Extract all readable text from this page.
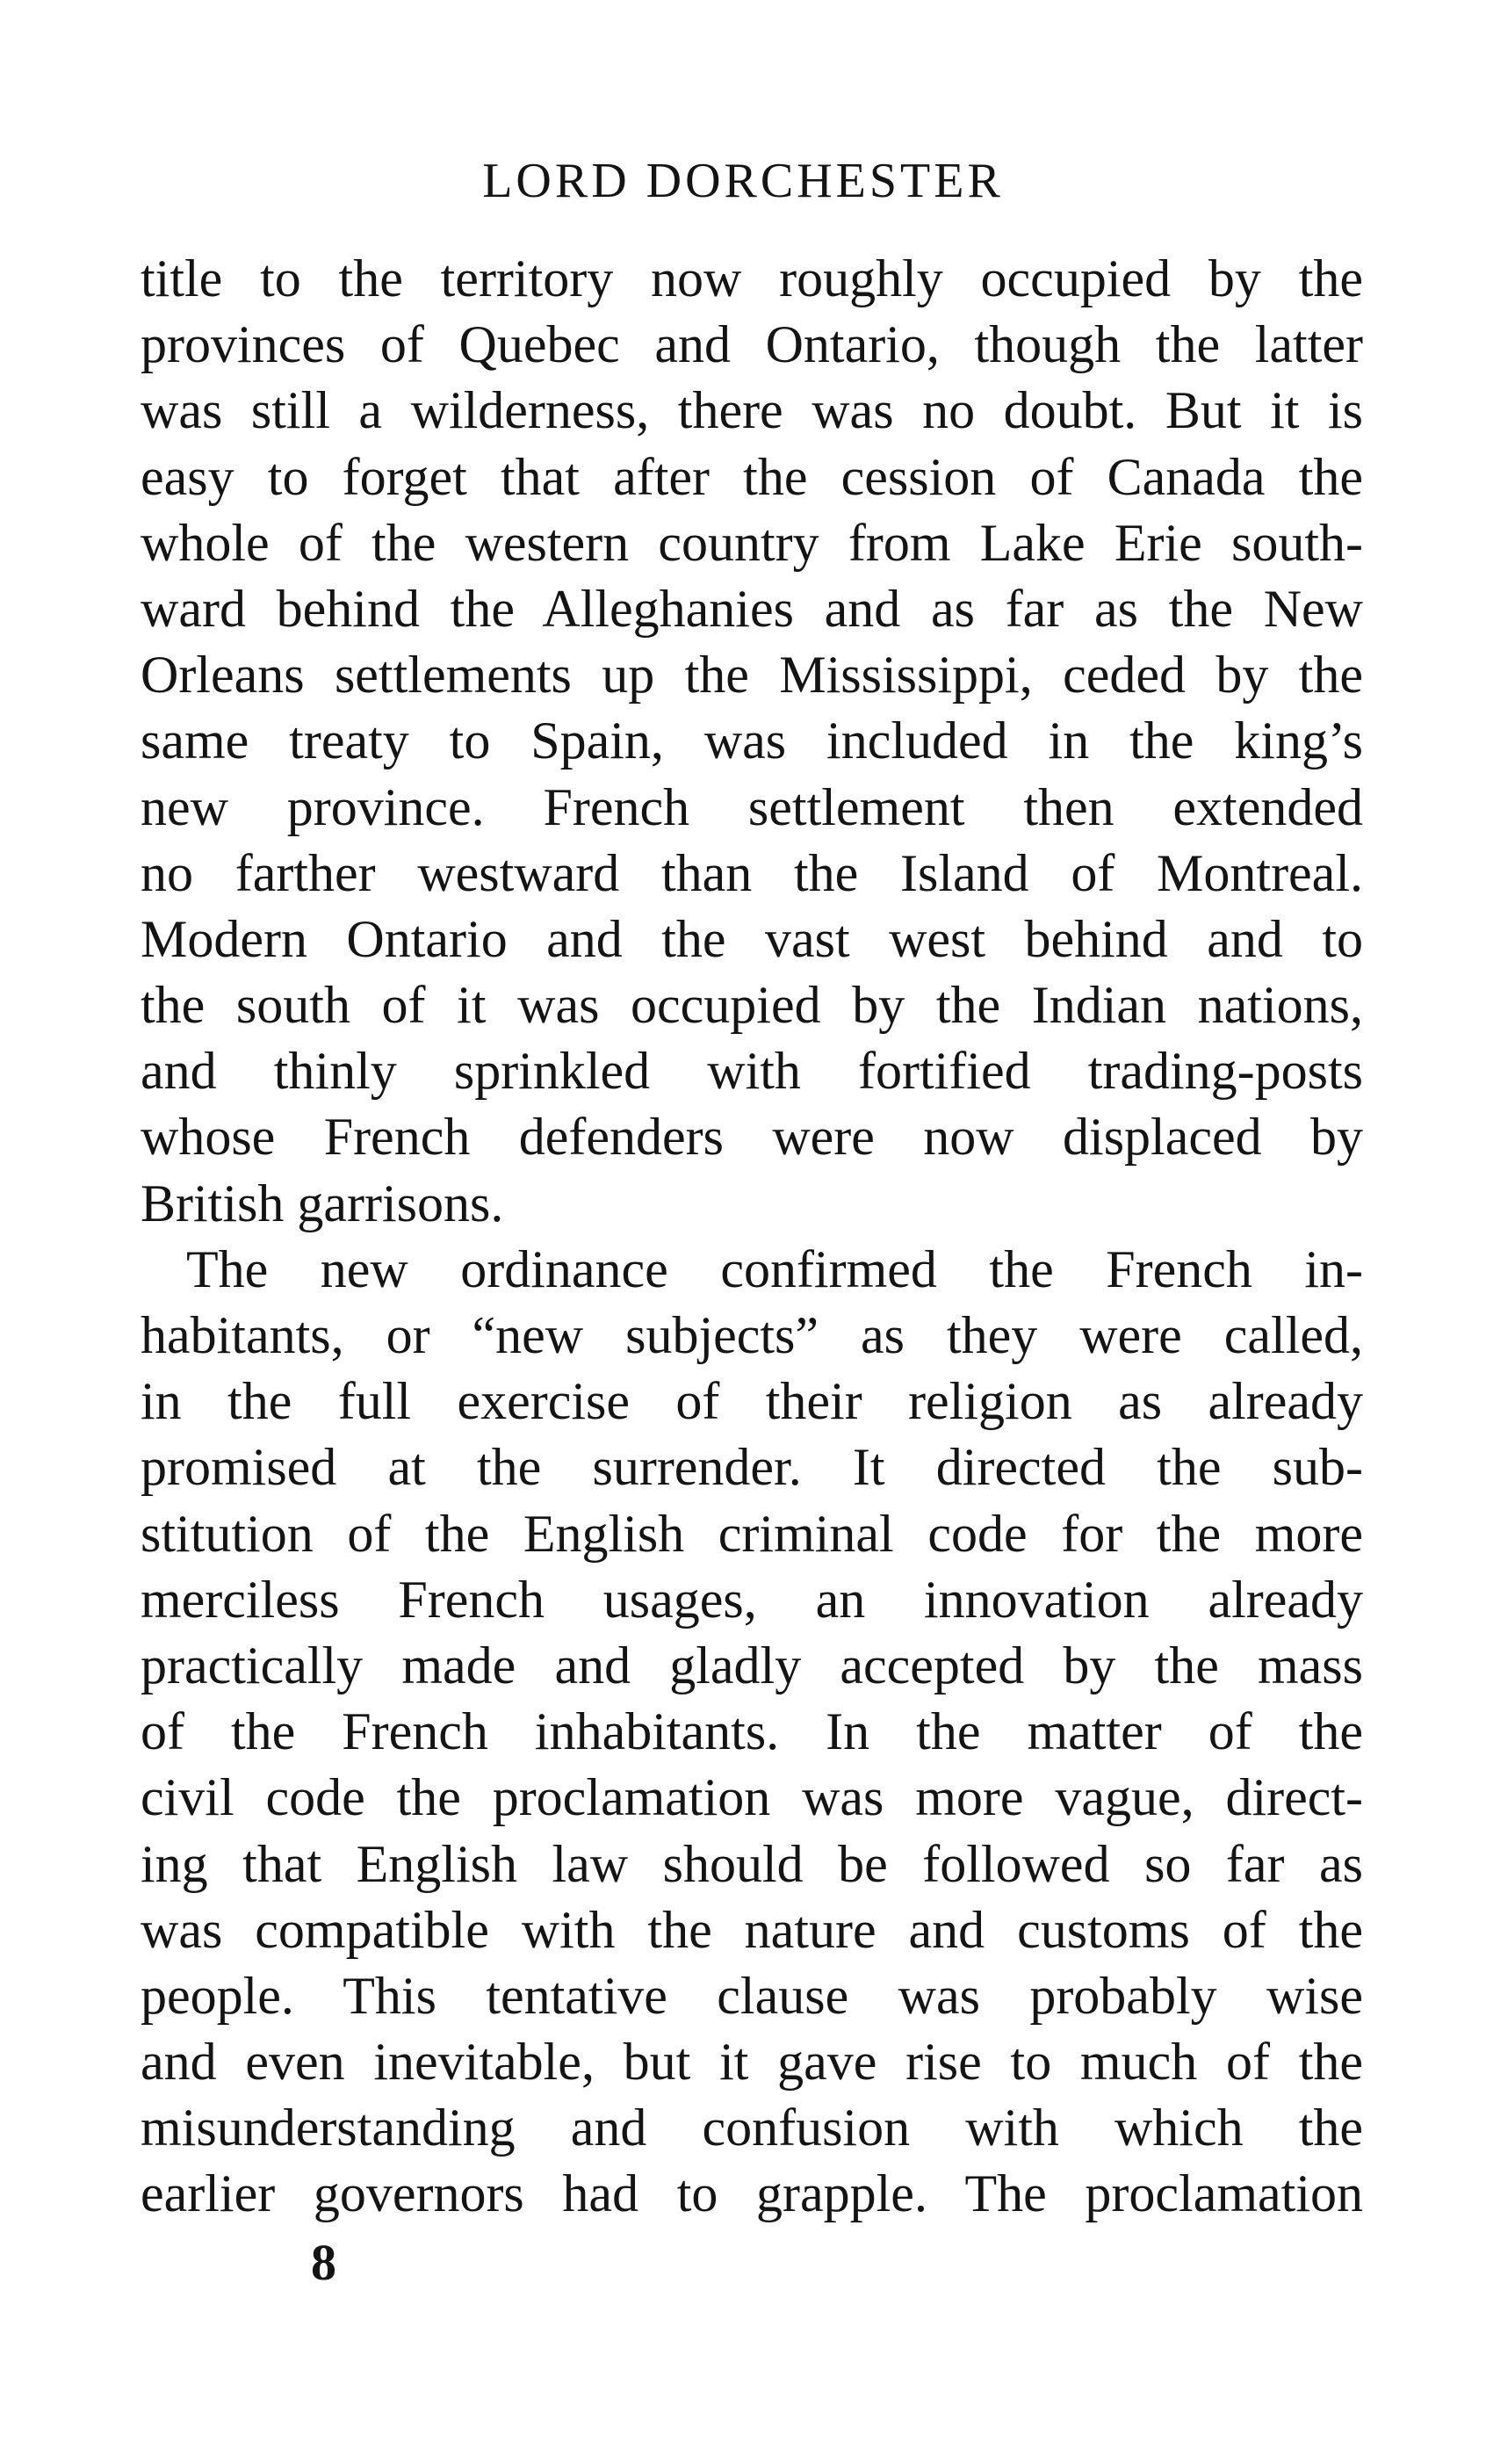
LORD DORCHESTER
title to the territory now roughly occupied by the
provinces of Quebec and Ontario, though the latter
was still a wilderness, there was no doubt. But it is
easy to forget that after the cession of Canada the
whole of the western country from Lake Erie south-
ward behind the Alleghanies and as far as the New
Orleans settlements up the Mississippi, ceded by the
same treaty to Spain, was included in the king’s
new province. French settlement then extended
no farther westward than the Island of Montreal.
Modern Ontario and the vast west behind and to
the south of it was occupied by the Indian nations,
and thinly sprinkled with fortified trading-posts
whose French defenders were now displaced by
British garrisons.
The new ordinance confirmed the French in-
habitants, or “new subjects” as they were called,
in the full exercise of their religion as already
promised at the surrender. It directed the sub-
stitution of the English criminal code for the more
merciless French usages, an innovation already
practically made and gladly accepted by the mass
of the French inhabitants. In the matter of the
civil code the proclamation was more vague, direct-
ing that English law should be followed so far as
was compatible with the nature and customs of the
people. This tentative clause was probably wise
and even inevitable, but it gave rise to much of the
misunderstanding and confusion with which the
earlier governors had to grapple. The proclamation
8
